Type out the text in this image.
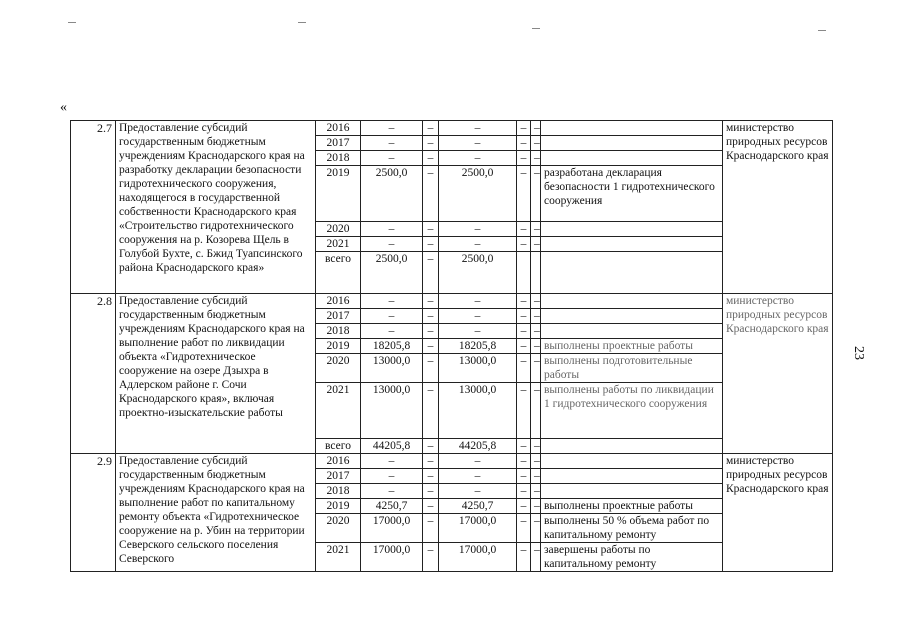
«
23
2.7	Предоставление субсидий государственным бюджетным учреждениям Краснодарского края на разработку декларации безопасности гидротехнического сооружения, находящегося в государственной собственности Краснодарского края «Строительство гидротехнического сооружения на р. Козорева Щель в Голубой Бухте, с. Бжид Туапсинского района Краснодарского края»	2016	–	–	–	–	–		министерство природных ресурсов Краснодарского края
		2017	–	–	–	–	–		
		2018	–	–	–	–	–		
		2019	2500,0	–	2500,0	–	–	разработана декларация безопасности 1 гидротехнического сооружения	
		2020	–	–	–	–	–		
		2021	–	–	–	–	–		
		всего	2500,0	–	2500,0				
2.8	Предоставление субсидий государственным бюджетным учреждениям Краснодарского края на выполнение работ по ликвидации объекта «Гидротехническое сооружение на озере Дзыхра в Адлерском районе г. Сочи Краснодарского края», включая проектно-изыскательские работы	2016	–	–	–	–	–		министерство природных ресурсов Краснодарского края
		2017	–	–	–	–	–		
		2018	–	–	–	–	–		
		2019	18205,8	–	18205,8	–	–	выполнены проектные работы	
		2020	13000,0	–	13000,0	–	–	выполнены подготовительные работы	
		2021	13000,0	–	13000,0	–	–	выполнены работы по ликвидации 1 гидротехнического сооружения	
		всего	44205,8	–	44205,8	–	–		
2.9	Предоставление субсидий государственным бюджетным учреждениям Краснодарского края на выполнение работ по капитальному ремонту объекта «Гидротехническое сооружение на р. Убин на территории Северского сельского поселения Северского	2016	–	–	–	–	–		министерство природных ресурсов Краснодарского края
		2017	–	–	–	–	–		
		2018	–	–	–	–	–		
		2019	4250,7	–	4250,7	–	–	выполнены проектные работы	
		2020	17000,0	–	17000,0	–	–	выполнены 50 % объема работ по капитальному ремонту	
		2021	17000,0	–	17000,0	–	–	завершены работы по капитальному ремонту	
